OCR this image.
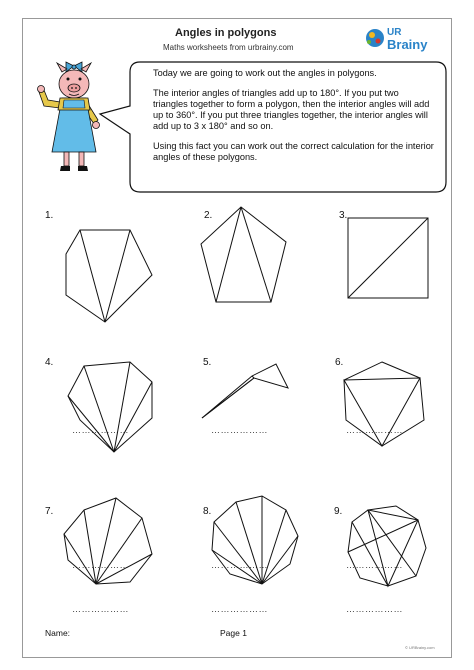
Angles in polygons
Maths worksheets from urbrainy.com
UR
Brainy

Today we are going to work out the angles in polygons.

The interior angles of triangles add up to 180°. If you put two triangles together to form a polygon, then the interior angles will add up to 360°. If you put three triangles together, the interior angles will add up to 3 x 180° and so on.

Using this fact you can work out the correct calculation for the interior angles of these polygons.

1.
………………
2.
………………
3.
………………
4.
………………
5.
………………
6.
………………
7.
………………
8.
………………
9.
………………
Name:	Page 1
© URBrainy.com
